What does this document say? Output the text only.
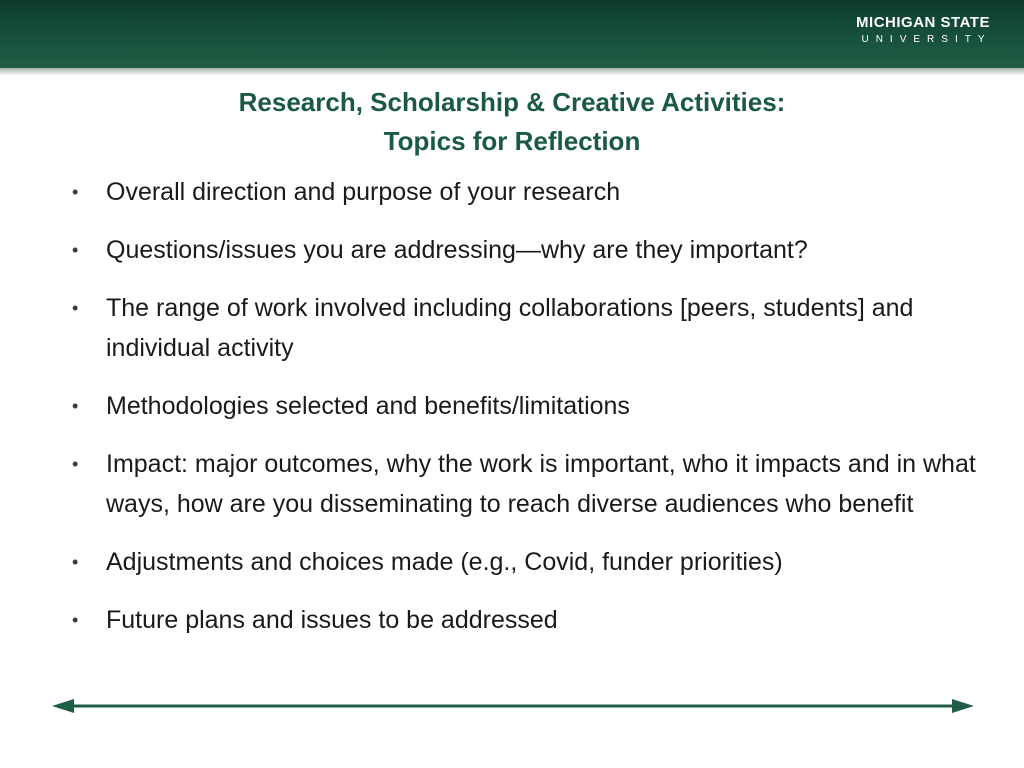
MICHIGAN STATE
UNIVERSITY
Research, Scholarship & Creative Activities:
Topics for Reflection
• Overall direction and purpose of your research
• Questions/issues you are addressing—why are they important?
• The range of work involved including collaborations [peers, students] and individual activity
• Methodologies selected and benefits/limitations
• Impact: major outcomes, why the work is important, who it impacts and in what ways, how are you disseminating to reach diverse audiences who benefit
• Adjustments and choices made (e.g., Covid, funder priorities)
• Future plans and issues to be addressed
